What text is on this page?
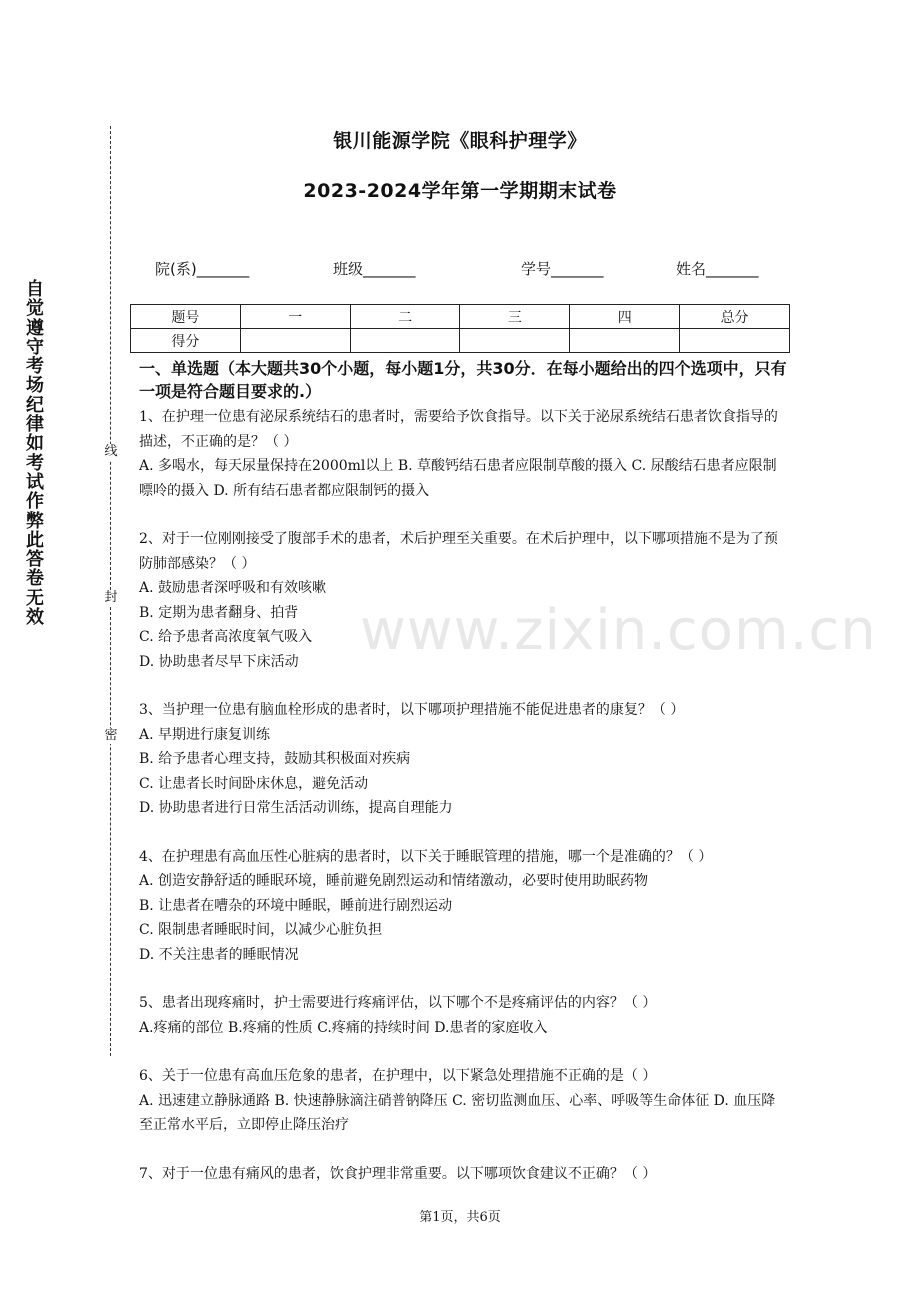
银川能源学院《眼科护理学》
2023-2024学年第一学期期末试卷
院(系)_______	班级_______	学号_______	姓名_______
题号	一	二	三	四	总分
得分					
自
觉
遵
守
考
场
纪
律
如
考
试
作
弊
此
答
卷
无
效
线
封
密
一、单选题（本大题共30个小题，每小题1分，共30分．在每小题给出的四个选项中，只有一项是符合题目要求的.）

1、在护理一位患有泌尿系统结石的患者时，需要给予饮食指导。以下关于泌尿系统结石患者饮食指导的描述，不正确的是？（ ）

A. 多喝水，每天尿量保持在2000ml以上 B. 草酸钙结石患者应限制草酸的摄入 C. 尿酸结石患者应限制嘌呤的摄入 D. 所有结石患者都应限制钙的摄入

2、对于一位刚刚接受了腹部手术的患者，术后护理至关重要。在术后护理中，以下哪项措施不是为了预防肺部感染？（ ）

A. 鼓励患者深呼吸和有效咳嗽

B. 定期为患者翻身、拍背

C. 给予患者高浓度氧气吸入

D. 协助患者尽早下床活动

3、当护理一位患有脑血栓形成的患者时，以下哪项护理措施不能促进患者的康复？（ ）

A. 早期进行康复训练

B. 给予患者心理支持，鼓励其积极面对疾病

C. 让患者长时间卧床休息，避免活动

D. 协助患者进行日常生活活动训练，提高自理能力

4、在护理患有高血压性心脏病的患者时，以下关于睡眠管理的措施，哪一个是准确的？（ ）

A. 创造安静舒适的睡眠环境，睡前避免剧烈运动和情绪激动，必要时使用助眠药物

B. 让患者在嘈杂的环境中睡眠，睡前进行剧烈运动

C. 限制患者睡眠时间，以减少心脏负担

D. 不关注患者的睡眠情况

5、患者出现疼痛时，护士需要进行疼痛评估，以下哪个不是疼痛评估的内容？（ ）

A.疼痛的部位 B.疼痛的性质 C.疼痛的持续时间 D.患者的家庭收入

6、关于一位患有高血压危象的患者，在护理中，以下紧急处理措施不正确的是（ ）

A. 迅速建立静脉通路 B. 快速静脉滴注硝普钠降压 C. 密切监测血压、心率、呼吸等生命体征 D. 血压降至正常水平后，立即停止降压治疗

7、对于一位患有痛风的患者，饮食护理非常重要。以下哪项饮食建议不正确？（ ）

www.zixin.com.cn
第1页，共6页
